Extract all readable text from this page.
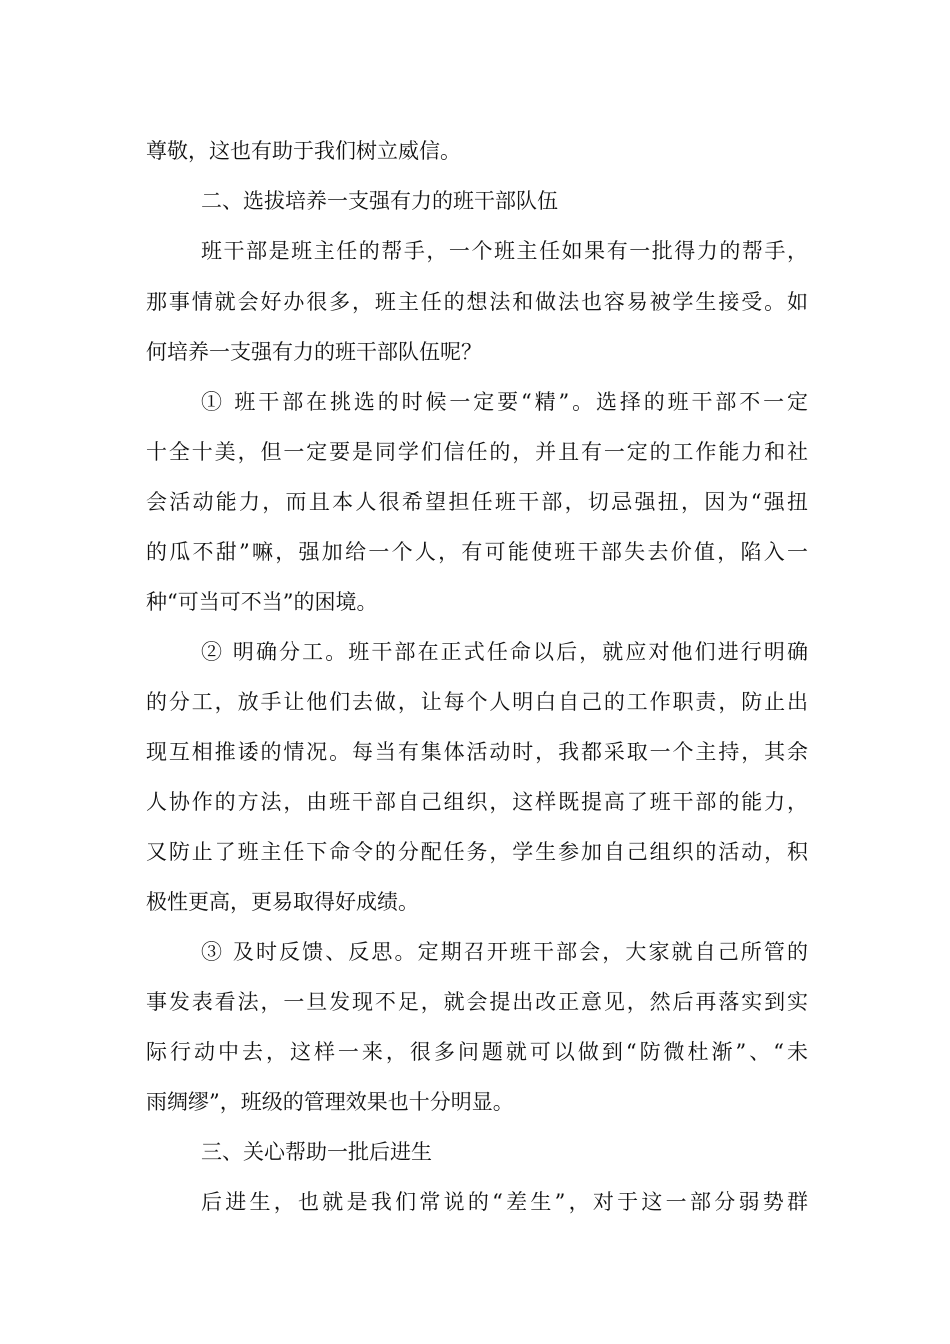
尊敬，这也有助于我们树立威信。
二、选拔培养一支强有力的班干部队伍
班干部是班主任的帮手，一个班主任如果有一批得力的帮手，
那事情就会好办很多，班主任的想法和做法也容易被学生接受。如
何培养一支强有力的班干部队伍呢？
① 班干部在挑选的时候一定要“精”。选择的班干部不一定
十全十美，但一定要是同学们信任的，并且有一定的工作能力和社
会活动能力，而且本人很希望担任班干部，切忌强扭，因为“强扭
的瓜不甜”嘛，强加给一个人，有可能使班干部失去价值，陷入一
种“可当可不当”的困境。
② 明确分工。班干部在正式任命以后，就应对他们进行明确
的分工，放手让他们去做，让每个人明白自己的工作职责，防止出
现互相推诿的情况。每当有集体活动时，我都采取一个主持，其余
人协作的方法，由班干部自己组织，这样既提高了班干部的能力，
又防止了班主任下命令的分配任务，学生参加自己组织的活动，积
极性更高，更易取得好成绩。
③ 及时反馈、反思。定期召开班干部会，大家就自己所管的
事发表看法，一旦发现不足，就会提出改正意见，然后再落实到实
际行动中去，这样一来，很多问题就可以做到“防微杜渐”、“未
雨绸缪”，班级的管理效果也十分明显。
三、关心帮助一批后进生
后进生，也就是我们常说的“差生”，对于这一部分弱势群
